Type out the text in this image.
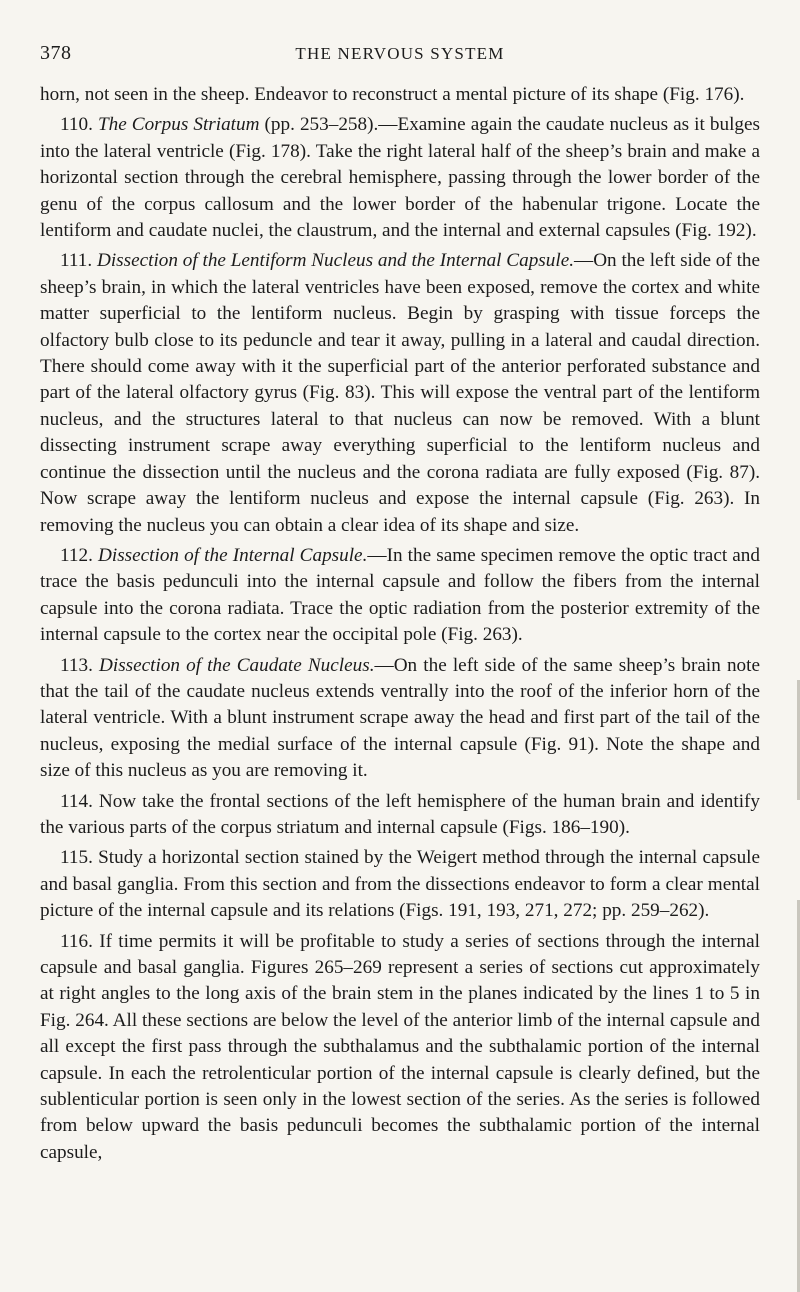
378	THE NERVOUS SYSTEM

horn, not seen in the sheep. Endeavor to reconstruct a mental picture of its shape (Fig. 176).

110. The Corpus Striatum (pp. 253–258).—Examine again the caudate nucleus as it bulges into the lateral ventricle (Fig. 178). Take the right lateral half of the sheep’s brain and make a horizontal section through the cerebral hemisphere, passing through the lower border of the genu of the corpus callosum and the lower border of the habenular trigone. Locate the lentiform and caudate nuclei, the claustrum, and the internal and external capsules (Fig. 192).

111. Dissection of the Lentiform Nucleus and the Internal Capsule.—On the left side of the sheep’s brain, in which the lateral ventricles have been exposed, remove the cortex and white matter superficial to the lentiform nucleus. Begin by grasping with tissue forceps the olfactory bulb close to its peduncle and tear it away, pulling in a lateral and caudal direction. There should come away with it the superficial part of the anterior perforated substance and part of the lateral olfactory gyrus (Fig. 83). This will expose the ventral part of the lentiform nucleus, and the structures lateral to that nucleus can now be removed. With a blunt dissecting instrument scrape away everything superficial to the lentiform nucleus and continue the dissection until the nucleus and the corona radiata are fully exposed (Fig. 87). Now scrape away the lentiform nucleus and expose the internal capsule (Fig. 263). In removing the nucleus you can obtain a clear idea of its shape and size.

112. Dissection of the Internal Capsule.—In the same specimen remove the optic tract and trace the basis pedunculi into the internal capsule and follow the fibers from the internal capsule into the corona radiata. Trace the optic radiation from the posterior extremity of the internal capsule to the cortex near the occipital pole (Fig. 263).

113. Dissection of the Caudate Nucleus.—On the left side of the same sheep’s brain note that the tail of the caudate nucleus extends ventrally into the roof of the inferior horn of the lateral ventricle. With a blunt instrument scrape away the head and first part of the tail of the nucleus, exposing the medial surface of the internal capsule (Fig. 91). Note the shape and size of this nucleus as you are removing it.

114. Now take the frontal sections of the left hemisphere of the human brain and identify the various parts of the corpus striatum and internal capsule (Figs. 186–190).

115. Study a horizontal section stained by the Weigert method through the internal capsule and basal ganglia. From this section and from the dissections endeavor to form a clear mental picture of the internal capsule and its relations (Figs. 191, 193, 271, 272; pp. 259–262).

116. If time permits it will be profitable to study a series of sections through the internal capsule and basal ganglia. Figures 265–269 represent a series of sections cut approximately at right angles to the long axis of the brain stem in the planes indicated by the lines 1 to 5 in Fig. 264. All these sections are below the level of the anterior limb of the internal capsule and all except the first pass through the subthalamus and the subthalamic portion of the internal capsule. In each the retrolenticular portion of the internal capsule is clearly defined, but the sublenticular portion is seen only in the lowest section of the series. As the series is followed from below upward the basis pedunculi becomes the subthalamic portion of the internal capsule,
